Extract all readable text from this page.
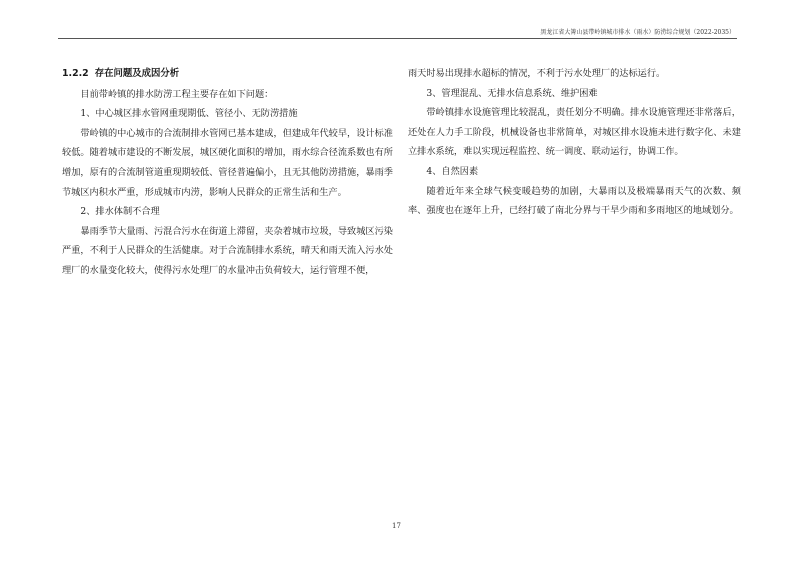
黑龙江省大箐山县带岭镇城市排水（雨水）防涝综合规划（2022-2035）
1.2.2 存在问题及成因分析

目前带岭镇的排水防涝工程主要存在如下问题：

1、中心城区排水管网重现期低、管径小、无防涝措施

带岭镇的中心城市的合流制排水管网已基本建成，但建成年代较早，设计标准较低。随着城市建设的不断发展，城区硬化面积的增加，雨水综合径流系数也有所增加，原有的合流制管道重现期较低、管径普遍偏小，且无其他防涝措施，暴雨季节城区内积水严重，形成城市内涝，影响人民群众的正常生活和生产。

2、排水体制不合理

暴雨季节大量雨、污混合污水在街道上滞留，夹杂着城市垃圾，导致城区污染严重，不利于人民群众的生活健康。对于合流制排水系统，晴天和雨天流入污水处理厂的水量变化较大，使得污水处理厂的水量冲击负荷较大，运行管理不便，

雨天时易出现排水超标的情况，不利于污水处理厂的达标运行。

3、管理混乱、无排水信息系统、维护困难

带岭镇排水设施管理比较混乱，责任划分不明确。排水设施管理还非常落后，还处在人力手工阶段，机械设备也非常简单，对城区排水设施未进行数字化、未建立排水系统，难以实现远程监控、统一调度、联动运行，协调工作。

4、自然因素

随着近年来全球气候变暖趋势的加剧，大暴雨以及极端暴雨天气的次数、频率、强度也在逐年上升，已经打破了南北分界与干旱少雨和多雨地区的地域划分。

17
